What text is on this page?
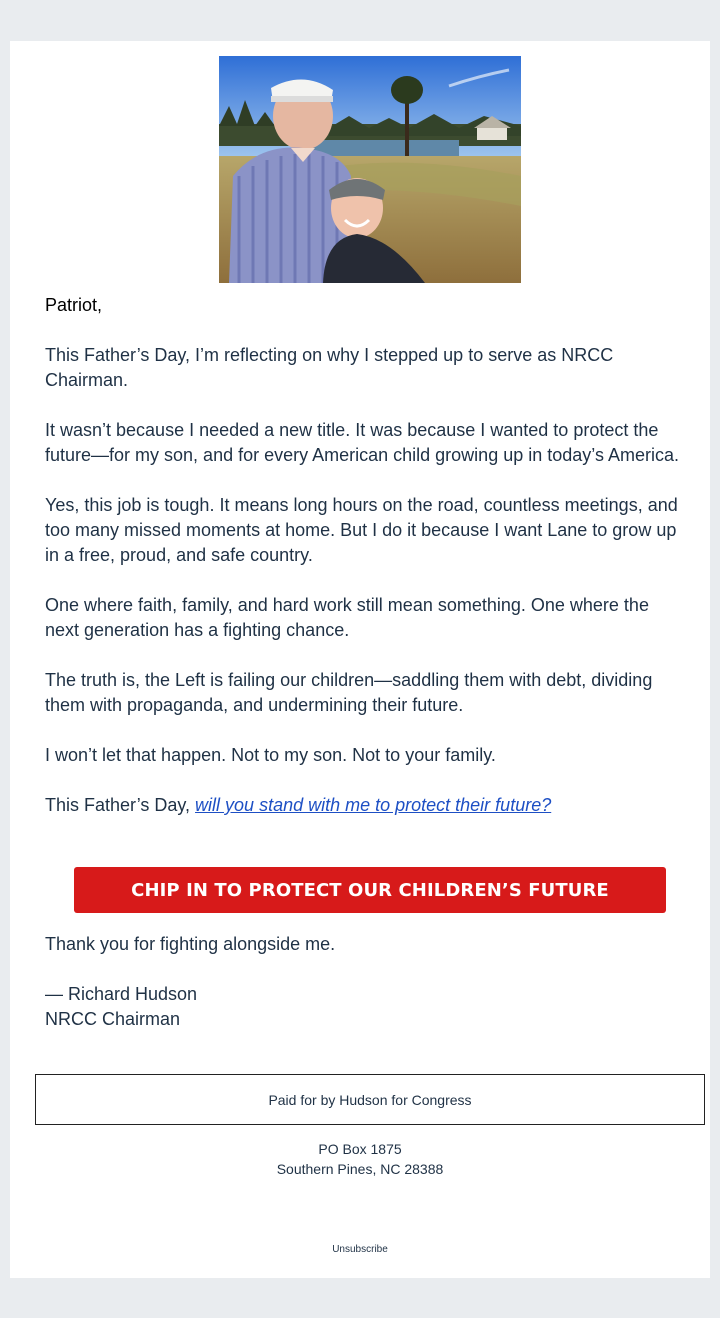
Patriot,

This Father’s Day, I’m reflecting on why I stepped up to serve as NRCC Chairman.

It wasn’t because I needed a new title. It was because I wanted to protect the future—for my son, and for every American child growing up in today’s America.

Yes, this job is tough. It means long hours on the road, countless meetings, and too many missed moments at home. But I do it because I want Lane to grow up in a free, proud, and safe country.

One where faith, family, and hard work still mean something. One where the next generation has a fighting chance.

The truth is, the Left is failing our children—saddling them with debt, dividing them with propaganda, and undermining their future.

I won’t let that happen. Not to my son. Not to your family.

This Father’s Day, will you stand with me to protect their future?

CHIP IN TO PROTECT OUR CHILDREN’S FUTURE

Thank you for fighting alongside me.

— Richard Hudson

NRCC Chairman

Paid for by Hudson for Congress
PO Box 1875
Southern Pines, NC 28388
Unsubscribe
